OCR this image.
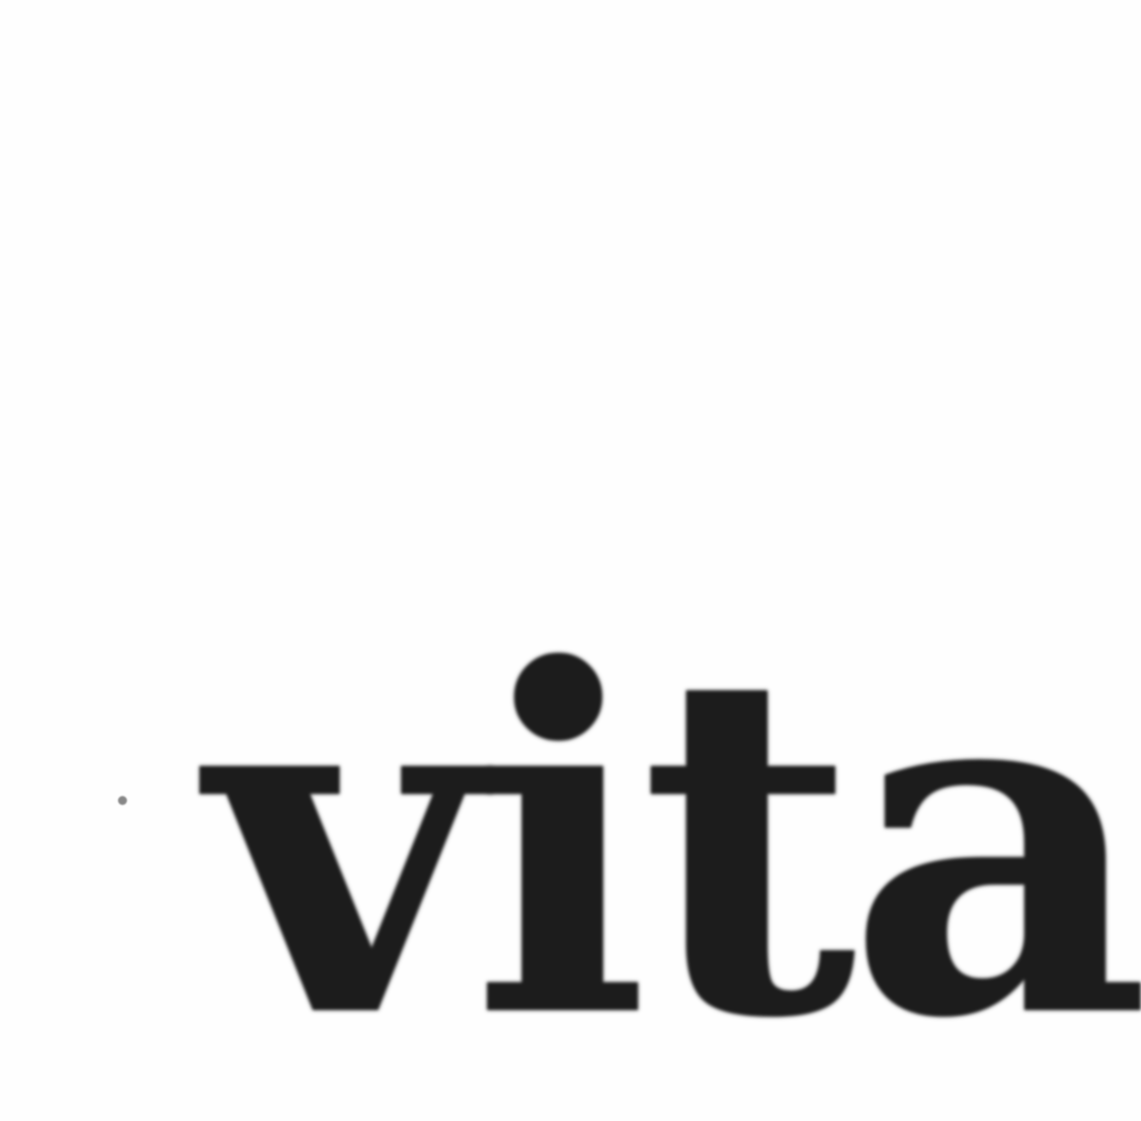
vita
